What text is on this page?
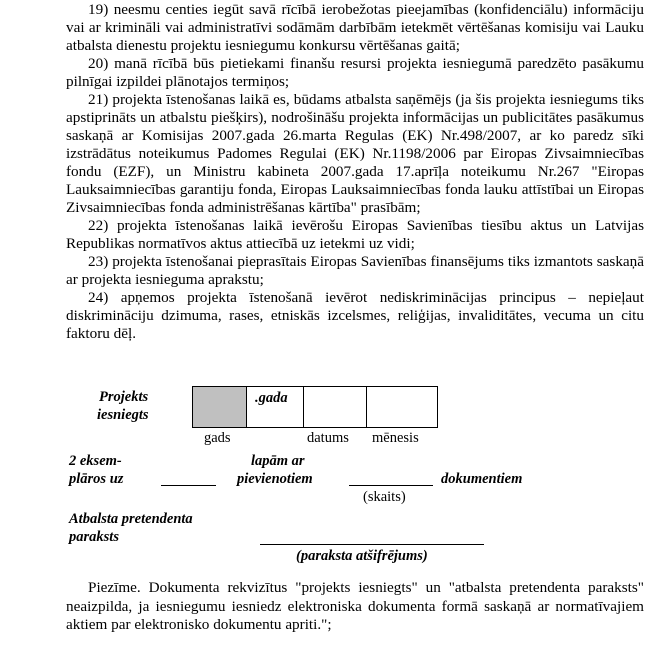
19) neesmu centies iegūt savā rīcībā ierobežotas pieejamības (konfidenciālu) informāciju vai ar krimināli vai administratīvi sodāmām darbībām ietekmēt vērtēšanas komisiju vai Lauku atbalsta dienestu projektu iesniegumu konkursu vērtēšanas gaitā;

20) manā rīcībā būs pietiekami finanšu resursi projekta iesniegumā paredzēto pasākumu pilnīgai izpildei plānotajos termiņos;

21) projekta īstenošanas laikā es, būdams atbalsta saņēmējs (ja šis projekta iesniegums tiks apstiprināts un atbalstu piešķirs), nodrošināšu projekta informācijas un publicitātes pasākumus saskaņā ar Komisijas 2007.gada 26.marta Regulas (EK) Nr.498/2007, ar ko paredz sīki izstrādātus noteikumus Padomes Regulai (EK) Nr.1198/2006 par Eiropas Zivsaimniecības fondu (EZF), un Ministru kabineta 2007.gada 17.aprīļa noteikumu Nr.267 "Eiropas Lauksaimniecības garantiju fonda, Eiropas Lauksaimniecības fonda lauku attīstībai un Eiropas Zivsaimniecības fonda administrēšanas kārtība" prasībām;

22) projekta īstenošanas laikā ievērošu Eiropas Savienības tiesību aktus un Latvijas Republikas normatīvos aktus attiecībā uz ietekmi uz vidi;

23) projekta īstenošanai pieprasītais Eiropas Savienības finansējums tiks izmantots saskaņā ar projekta iesnieguma aprakstu;

24) apņemos projekta īstenošanā ievērot nediskriminācijas principus – nepieļaut diskrimināciju dzimuma, rases, etniskās izcelsmes, reliģijas, invaliditātes, vecuma un citu faktoru dēļ.

Projekts
iesniegts
.gada
gads	datums mēnesis
2 eksem-
plāros uz
lapām ar
pievienotiem	dokumentiem
(skaits)
Atbalsta pretendenta
paraksts
(paraksta atšifrējums)

Piezīme. Dokumenta rekvizītus "projekts iesniegts" un "atbalsta pretendenta paraksts" neaizpilda, ja iesniegumu iesniedz elektroniska dokumenta formā saskaņā ar normatīvajiem aktiem par elektronisko dokumentu apriti.";
